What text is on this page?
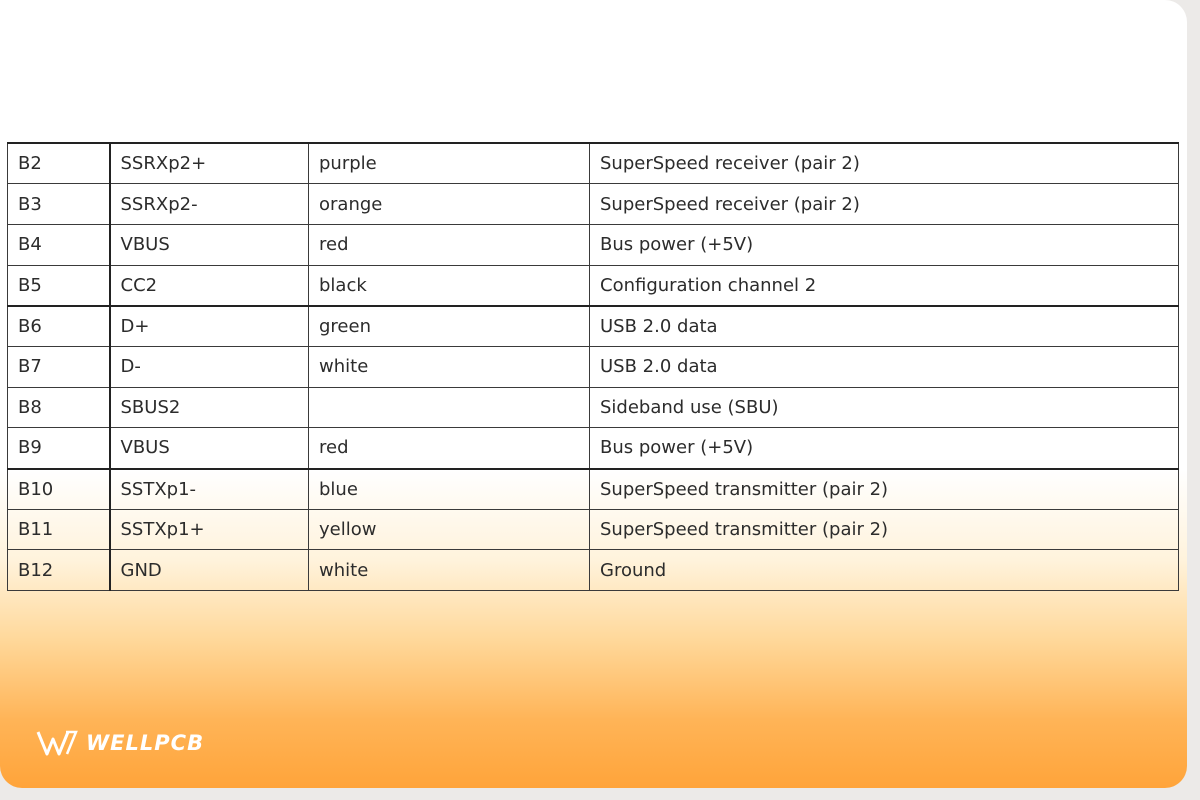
B2	SSRXp2+	purple	SuperSpeed receiver (pair 2)
B3	SSRXp2-	orange	SuperSpeed receiver (pair 2)
B4	VBUS	red	Bus power (+5V)
B5	CC2	black	Configuration channel 2
B6	D+	green	USB 2.0 data
B7	D-	white	USB 2.0 data
B8	SBUS2		Sideband use (SBU)
B9	VBUS	red	Bus power (+5V)
B10	SSTXp1-	blue	SuperSpeed transmitter (pair 2)
B11	SSTXp1+	yellow	SuperSpeed transmitter (pair 2)
B12	GND	white	Ground
WELLPCB
